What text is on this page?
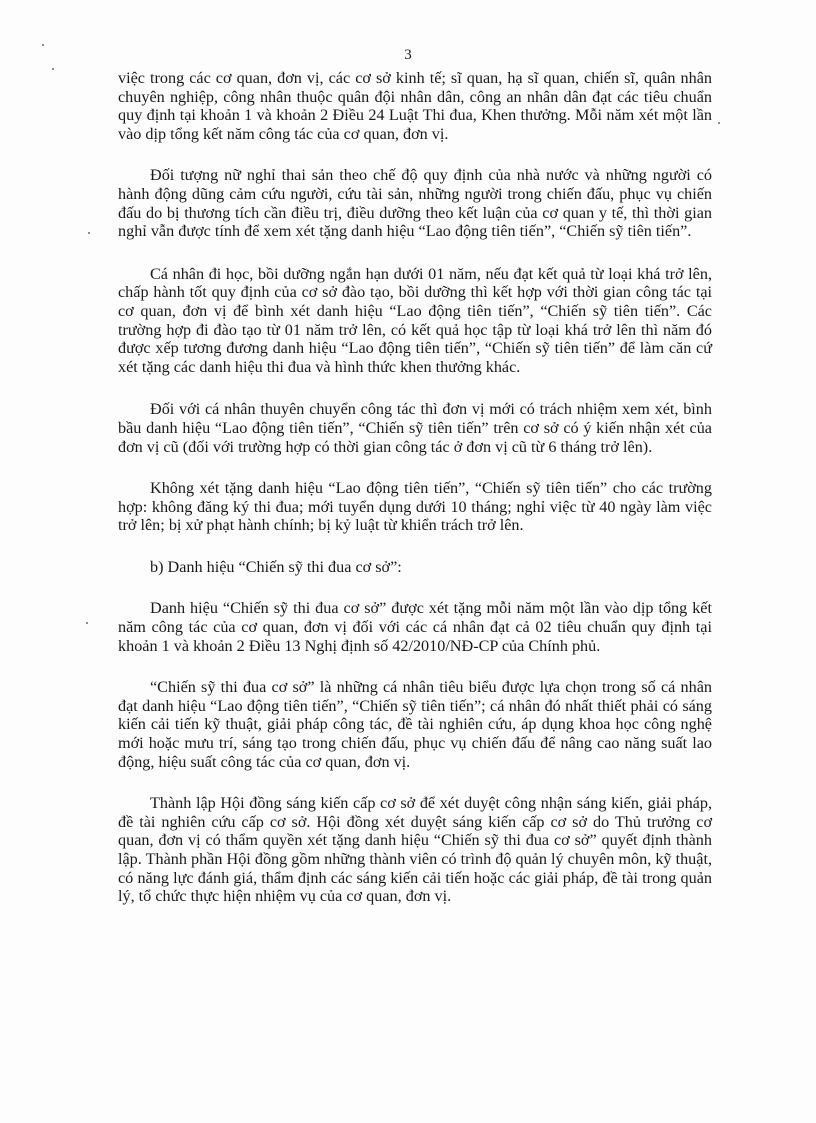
3

việc trong các cơ quan, đơn vị, các cơ sở kinh tế; sĩ quan, hạ sĩ quan, chiến sĩ, quân nhân chuyên nghiệp, công nhân thuộc quân đội nhân dân, công an nhân dân đạt các tiêu chuẩn quy định tại khoản 1 và khoản 2 Điều 24 Luật Thi đua, Khen thưởng. Mỗi năm xét một lần vào dịp tổng kết năm công tác của cơ quan, đơn vị.

Đối tượng nữ nghỉ thai sản theo chế độ quy định của nhà nước và những người có hành động dũng cảm cứu người, cứu tài sản, những người trong chiến đấu, phục vụ chiến đấu do bị thương tích cần điều trị, điều dưỡng theo kết luận của cơ quan y tế, thì thời gian nghỉ vẫn được tính để xem xét tặng danh hiệu “Lao động tiên tiến”, “Chiến sỹ tiên tiến”.

Cá nhân đi học, bồi dưỡng ngắn hạn dưới 01 năm, nếu đạt kết quả từ loại khá trở lên, chấp hành tốt quy định của cơ sở đào tạo, bồi dưỡng thì kết hợp với thời gian công tác tại cơ quan, đơn vị để bình xét danh hiệu “Lao động tiên tiến”, “Chiến sỹ tiên tiến”. Các trường hợp đi đào tạo từ 01 năm trở lên, có kết quả học tập từ loại khá trở lên thì năm đó được xếp tương đương danh hiệu “Lao động tiên tiến”, “Chiến sỹ tiên tiến” để làm căn cứ xét tặng các danh hiệu thi đua và hình thức khen thưởng khác.

Đối với cá nhân thuyên chuyển công tác thì đơn vị mới có trách nhiệm xem xét, bình bầu danh hiệu “Lao động tiên tiến”, “Chiến sỹ tiên tiến” trên cơ sở có ý kiến nhận xét của đơn vị cũ (đối với trường hợp có thời gian công tác ở đơn vị cũ từ 6 tháng trở lên).

Không xét tặng danh hiệu “Lao động tiên tiến”, “Chiến sỹ tiên tiến” cho các trường hợp: không đăng ký thi đua; mới tuyển dụng dưới 10 tháng; nghỉ việc từ 40 ngày làm việc trở lên; bị xử phạt hành chính; bị kỷ luật từ khiển trách trở lên.

b) Danh hiệu “Chiến sỹ thi đua cơ sở”:

Danh hiệu “Chiến sỹ thi đua cơ sở” được xét tặng mỗi năm một lần vào dịp tổng kết năm công tác của cơ quan, đơn vị đối với các cá nhân đạt cả 02 tiêu chuẩn quy định tại khoản 1 và khoản 2 Điều 13 Nghị định số 42/2010/NĐ-CP của Chính phủ.

“Chiến sỹ thi đua cơ sở” là những cá nhân tiêu biểu được lựa chọn trong số cá nhân đạt danh hiệu “Lao động tiên tiến”, “Chiến sỹ tiên tiến”; cá nhân đó nhất thiết phải có sáng kiến cải tiến kỹ thuật, giải pháp công tác, đề tài nghiên cứu, áp dụng khoa học công nghệ mới hoặc mưu trí, sáng tạo trong chiến đấu, phục vụ chiến đấu để nâng cao năng suất lao động, hiệu suất công tác của cơ quan, đơn vị.

Thành lập Hội đồng sáng kiến cấp cơ sở để xét duyệt công nhận sáng kiến, giải pháp, đề tài nghiên cứu cấp cơ sở. Hội đồng xét duyệt sáng kiến cấp cơ sở do Thủ trưởng cơ quan, đơn vị có thẩm quyền xét tặng danh hiệu “Chiến sỹ thi đua cơ sở” quyết định thành lập. Thành phần Hội đồng gồm những thành viên có trình độ quản lý chuyên môn, kỹ thuật, có năng lực đánh giá, thẩm định các sáng kiến cải tiến hoặc các giải pháp, đề tài trong quản lý, tổ chức thực hiện nhiệm vụ của cơ quan, đơn vị.
